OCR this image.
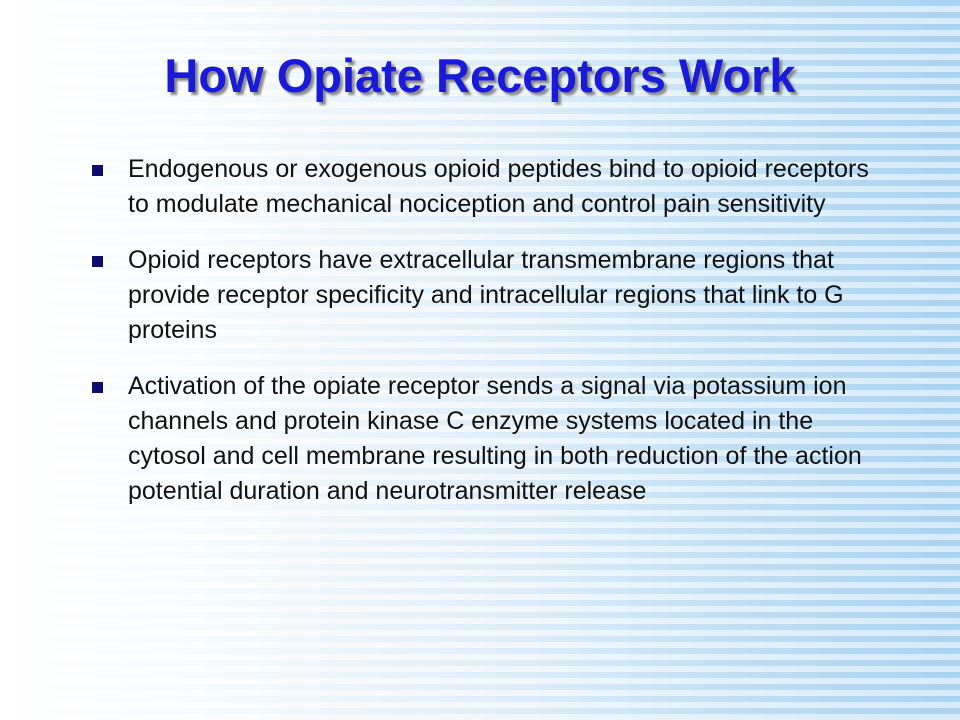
How Opiate Receptors Work
Endogenous or exogenous opioid peptides bind to opioid receptors to modulate mechanical nociception and control pain sensitivity
Opioid receptors have extracellular transmembrane regions that provide receptor specificity and intracellular regions that link to G proteins
Activation of the opiate receptor sends a signal via potassium ion channels and protein kinase C enzyme systems located in the cytosol and cell membrane resulting in both reduction of the action potential duration and neurotransmitter release
